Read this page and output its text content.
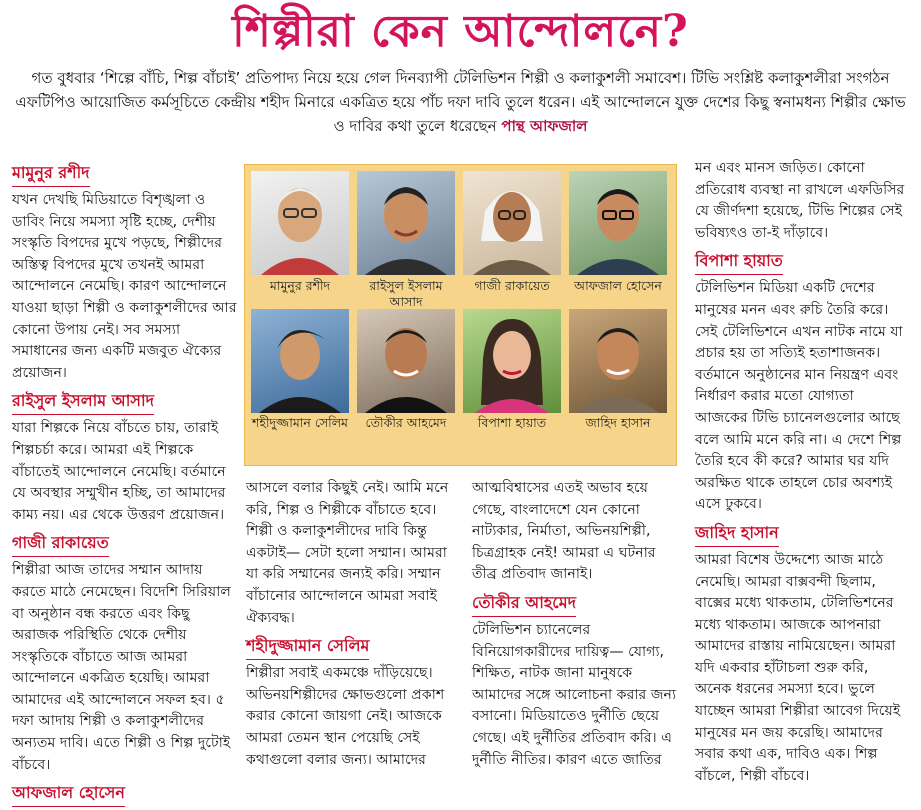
শিল্পীরা কেন আন্দোলনে?
গত বুধবার ‘শিল্পে বাঁচি, শিল্প বাঁচাই’ প্রতিপাদ্য নিয়ে হয়ে গেল দিনব্যাপী টেলিভিশন শিল্পী ও কলাকুশলী সমাবেশ। টিভি সংশ্লিষ্ট কলাকুশলীরা সংগঠন এফটিপিও আয়োজিত কর্মসূচিতে কেন্দ্রীয় শহীদ মিনারে একত্রিত হয়ে পাঁচ দফা দাবি তুলে ধরেন। এই আন্দোলনে যুক্ত দেশের কিছু স্বনামধন্য শিল্পীর ক্ষোভ ও দাবির কথা তুলে ধরেছেন পান্থ আফজাল
মামুনুর রশীদ

যখন দেখছি মিডিয়াতে বিশৃঙ্খলা ও ডাবিং নিয়ে সমস্যা সৃষ্টি হচ্ছে, দেশীয় সংস্কৃতি বিপদের মুখে পড়ছে, শিল্পীদের অস্তিত্ব বিপদের মুখে তখনই আমরা আন্দোলনে নেমেছি। কারণ আন্দোলনে যাওয়া ছাড়া শিল্পী ও কলাকুশলীদের আর কোনো উপায় নেই। সব সমস্যা সমাধানের জন্য একটি মজবুত ঐক্যের প্রয়োজন।

রাইসুল ইসলাম আসাদ

যারা শিল্পকে নিয়ে বাঁচতে চায়, তারাই শিল্পচর্চা করে। আমরা এই শিল্পকে বাঁচাতেই আন্দোলনে নেমেছি। বর্তমানে যে অবস্থার সম্মুখীন হচ্ছি, তা আমাদের কাম্য নয়। এর থেকে উত্তরণ প্রয়োজন।

গাজী রাকায়েত

শিল্পীরা আজ তাদের সম্মান আদায় করতে মাঠে নেমেছেন। বিদেশি সিরিয়াল বা অনুষ্ঠান বন্ধ করতে এবং কিছু অরাজক পরিস্থিতি থেকে দেশীয় সংস্কৃতিকে বাঁচাতে আজ আমরা আন্দোলনে একত্রিত হয়েছি। আমরা আমাদের এই আন্দোলনে সফল হব। ৫ দফা আদায় শিল্পী ও কলাকুশলীদের অন্যতম দাবি। এতে শিল্পী ও শিল্প দুটোই বাঁচবে।

আফজাল হোসেন
মামুনুর রশীদ	রাইসুল ইসলাম আসাদ
গাজী রাকায়েত	আফজাল হোসেন
শহীদুজ্জামান সেলিম	তৌকীর আহমেদ	বিপাশা হায়াত	জাহিদ হাসান

আসলে বলার কিছুই নেই। আমি মনে করি, শিল্প ও শিল্পীকে বাঁচাতে হবে। শিল্পী ও কলাকুশলীদের দাবি কিন্তু একটাই— সেটা হলো সম্মান। আমরা যা করি সম্মানের জন্যই করি। সম্মান বাঁচানোর আন্দোলনে আমরা সবাই ঐক্যবদ্ধ।

শহীদুজ্জামান সেলিম

শিল্পীরা সবাই একমঞ্চে দাঁড়িয়েছে। অভিনয়শিল্পীদের ক্ষোভগুলো প্রকাশ করার কোনো জায়গা নেই। আজকে আমরা তেমন স্থান পেয়েছি সেই কথাগুলো বলার জন্য। আমাদের

আত্মবিশ্বাসের এতই অভাব হয়ে গেছে, বাংলাদেশে যেন কোনো নাট্যকার, নির্মাতা, অভিনয়শিল্পী, চিত্রগ্রাহক নেই! আমরা এ ঘটনার তীব্র প্রতিবাদ জানাই।

তৌকীর আহমেদ

টেলিভিশন চ্যানেলের বিনিয়োগকারীদের দায়িত্ব— যোগ্য, শিক্ষিত, নাটক জানা মানুষকে আমাদের সঙ্গে আলোচনা করার জন্য বসানো। মিডিয়াতেও দুর্নীতি ছেয়ে গেছে। এই দুর্নীতির প্রতিবাদ করি। এ দুর্নীতি নীতির। কারণ এতে জাতির

মন এবং মানস জড়িত। কোনো প্রতিরোধ ব্যবস্থা না রাখলে এফডিসির যে জীর্ণদশা হয়েছে, টিভি শিল্পের সেই ভবিষ্যৎও তা-ই দাঁড়াবে।

বিপাশা হায়াত

টেলিভিশন মিডিয়া একটি দেশের মানুষের মনন এবং রুচি তৈরি করে। সেই টেলিভিশনে এখন নাটক নামে যা প্রচার হয় তা সত্যিই হতাশাজনক। বর্তমানে অনুষ্ঠানের মান নিয়ন্ত্রণ এবং নির্ধারণ করার মতো যোগ্যতা আজকের টিভি চ্যানেলগুলোর আছে বলে আমি মনে করি না। এ দেশে শিল্প তৈরি হবে কী করে? আমার ঘর যদি অরক্ষিত থাকে তাহলে চোর অবশ্যই এসে ঢুকবে।

জাহিদ হাসান

আমরা বিশেষ উদ্দেশ্যে আজ মাঠে নেমেছি। আমরা বাক্সবন্দী ছিলাম, বাক্সের মধ্যে থাকতাম, টেলিভিশনের মধ্যে থাকতাম। আজকে আপনারা আমাদের রাস্তায় নামিয়েছেন। আমরা যদি একবার হাঁটাচলা শুরু করি, অনেক ধরনের সমস্যা হবে। ভুলে যাচ্ছেন আমরা শিল্পীরা আবেগ দিয়েই মানুষের মন জয় করেছি। আমাদের সবার কথা এক, দাবিও এক। শিল্প বাঁচলে, শিল্পী বাঁচবে।
